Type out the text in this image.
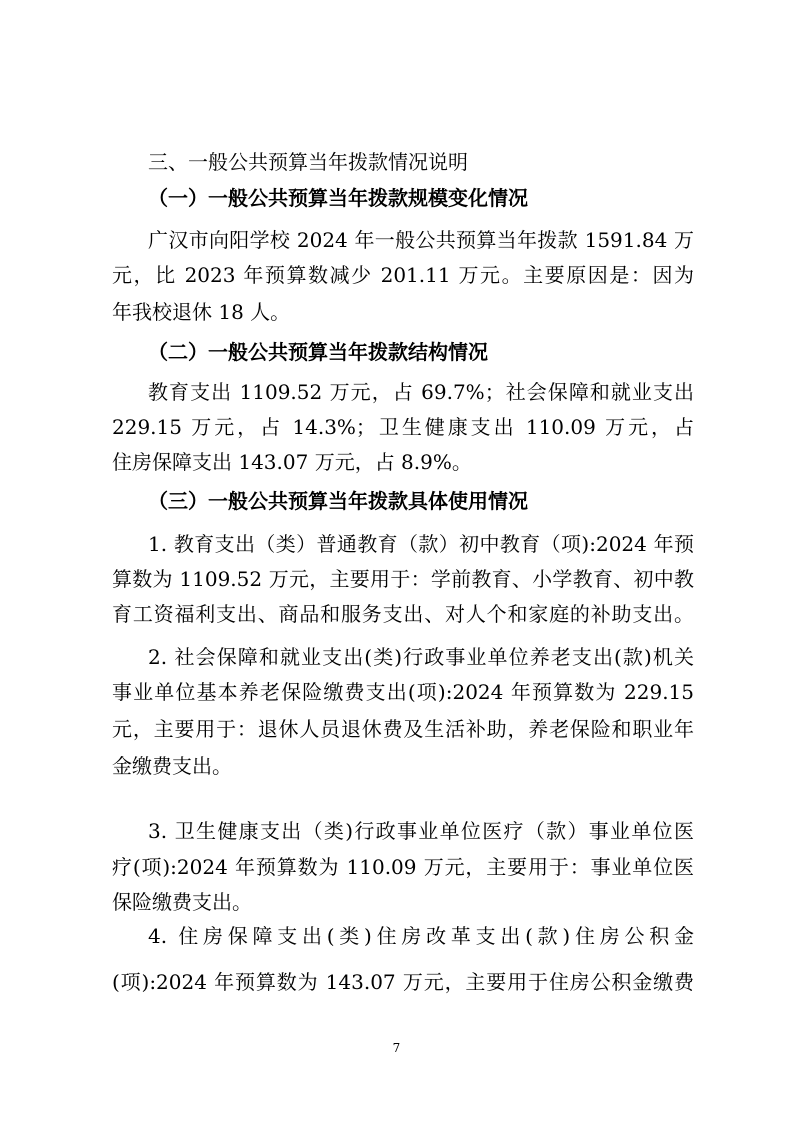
三、一般公共预算当年拨款情况说明
（一）一般公共预算当年拨款规模变化情况
广汉市向阳学校 2024 年一般公共预算当年拨款 1591.84 万
元，比 2023 年预算数减少 201.11 万元。主要原因是：因为
年我校退休 18 人。
（二）一般公共预算当年拨款结构情况
教育支出 1109.52 万元，占 69.7%；社会保障和就业支出
229.15 万元，占 14.3%；卫生健康支出 110.09 万元，占
住房保障支出 143.07 万元，占 8.9%。
（三）一般公共预算当年拨款具体使用情况
1. 教育支出（类）普通教育（款）初中教育（项):2024 年预
算数为 1109.52 万元，主要用于：学前教育、小学教育、初中教
育工资福利支出、商品和服务支出、对人个和家庭的补助支出。
2. 社会保障和就业支出(类)行政事业单位养老支出(款)机关
事业单位基本养老保险缴费支出(项):2024 年预算数为 229.15
元，主要用于：退休人员退休费及生活补助，养老保险和职业年
金缴费支出。
3. 卫生健康支出（类)行政事业单位医疗（款）事业单位医
疗(项):2024 年预算数为 110.09 万元，主要用于：事业单位医
保险缴费支出。
4. 住房保障支出(类)住房改革支出(款)住房公积金
(项):2024 年预算数为 143.07 万元，主要用于住房公积金缴费
7
